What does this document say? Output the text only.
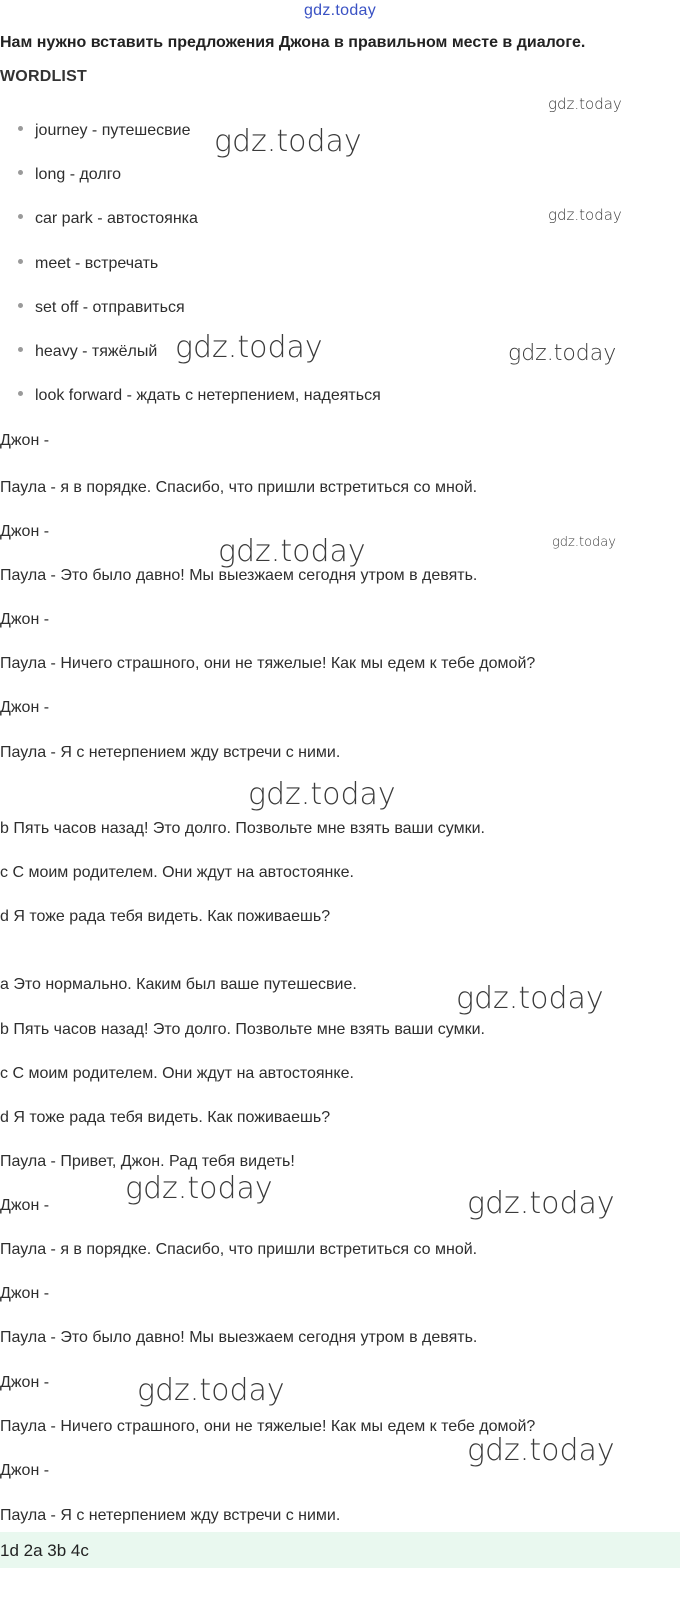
gdz.today
Нам нужно вставить предложения Джона в правильном месте в диалоге.
WORDLIST
journey - путешесвие
long - долго
car park - автостоянка
meet - встречать
set off - отправиться
heavy - тяжёлый
look forward - ждать с нетерпением, надеяться
Джон -
Паула - я в порядке. Спасибо, что пришли встретиться со мной.
Джон -
Паула - Это было давно! Мы выезжаем сегодня утром в девять.
Джон -
Паула - Ничего страшного, они не тяжелые! Как мы едем к тебе домой?
Джон -
Паула - Я с нетерпением жду встречи с ними.
b Пять часов назад! Это долго. Позвольте мне взять ваши сумки.
c С моим родителем. Они ждут на автостоянке.
d Я тоже рада тебя видеть. Как поживаешь?
a Это нормально. Каким был ваше путешесвие.
b Пять часов назад! Это долго. Позвольте мне взять ваши сумки.
c С моим родителем. Они ждут на автостоянке.
d Я тоже рада тебя видеть. Как поживаешь?
Паула - Привет, Джон. Рад тебя видеть!
Джон -
Паула - я в порядке. Спасибо, что пришли встретиться со мной.
Джон -
Паула - Это было давно! Мы выезжаем сегодня утром в девять.
Джон -
Паула - Ничего страшного, они не тяжелые! Как мы едем к тебе домой?
Джон -
Паула - Я с нетерпением жду встречи с ними.
1d 2a 3b 4c
gdz.today
gdz.today
gdz.today
gdz.today	gdz.today
gdz.today
gdz.today
gdz.today
gdz.today
gdz.today	gdz.today
gdz.today
gdz.today
